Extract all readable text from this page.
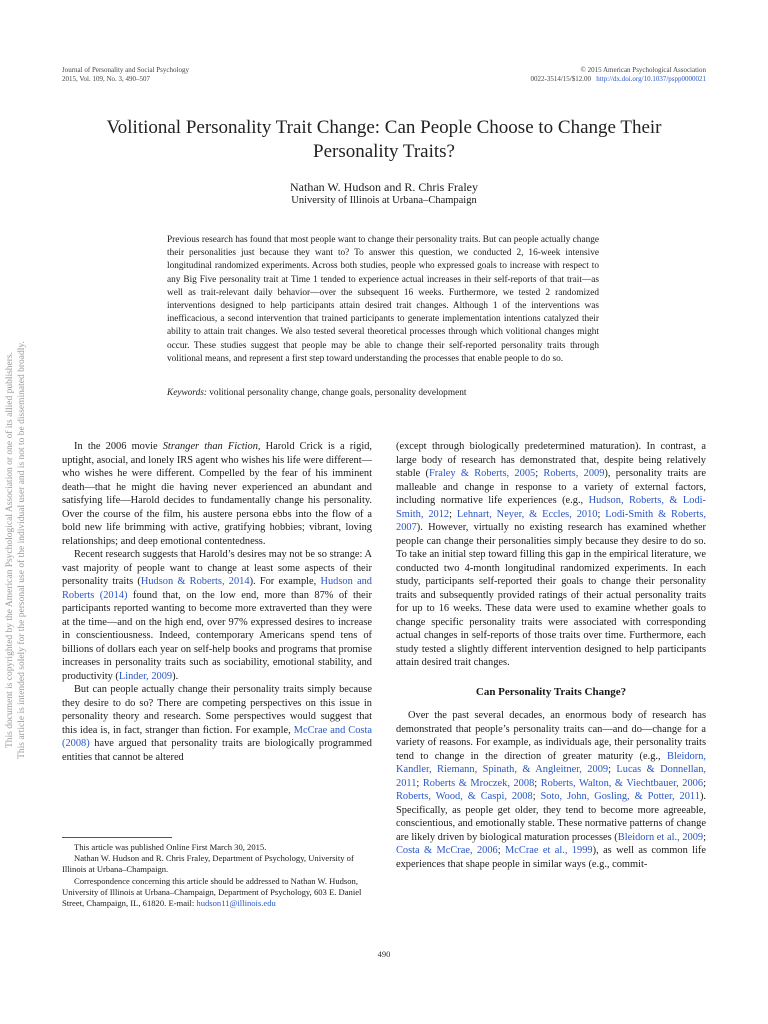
Journal of Personality and Social Psychology
2015, Vol. 109, No. 3, 490–507
© 2015 American Psychological Association
0022-3514/15/$12.00 http://dx.doi.org/10.1037/pspp0000021
This document is copyrighted by the American Psychological Association or one of its allied publishers. This article is intended solely for the personal use of the individual user and is not to be disseminated broadly.
Volitional Personality Trait Change: Can People Choose to Change Their Personality Traits?
Nathan W. Hudson and R. Chris Fraley
University of Illinois at Urbana–Champaign

Previous research has found that most people want to change their personality traits. But can people actually change their personalities just because they want to? To answer this question, we conducted 2, 16-week intensive longitudinal randomized experiments. Across both studies, people who expressed goals to increase with respect to any Big Five personality trait at Time 1 tended to experience actual increases in their self-reports of that trait—as well as trait-relevant daily behavior—over the subsequent 16 weeks. Furthermore, we tested 2 randomized interventions designed to help participants attain desired trait changes. Although 1 of the interventions was inefficacious, a second intervention that trained participants to generate implementation intentions catalyzed their ability to attain trait changes. We also tested several theoretical processes through which volitional changes might occur. These studies suggest that people may be able to change their self-reported personality traits through volitional means, and represent a first step toward understanding the processes that enable people to do so.

Keywords: volitional personality change, change goals, personality development

In the 2006 movie Stranger than Fiction, Harold Crick is a rigid, uptight, asocial, and lonely IRS agent who wishes his life were different—who wishes he were different. Compelled by the fear of his imminent death—that he might die having never experienced an abundant and satisfying life—Harold decides to fundamentally change his personality. Over the course of the film, his austere persona ebbs into the flow of a bold new life brimming with active, gratifying hobbies; vibrant, loving relationships; and deep emotional contentedness.

Recent research suggests that Harold’s desires may not be so strange: A vast majority of people want to change at least some aspects of their personality traits (Hudson & Roberts, 2014). For example, Hudson and Roberts (2014) found that, on the low end, more than 87% of their participants reported wanting to become more extraverted than they were at the time—and on the high end, over 97% expressed desires to increase in conscientiousness. Indeed, contemporary Americans spend tens of billions of dollars each year on self-help books and programs that promise increases in personality traits such as sociability, emotional stability, and productivity (Linder, 2009).

But can people actually change their personality traits simply because they desire to do so? There are competing perspectives on this issue in personality theory and research. Some perspectives would suggest that this idea is, in fact, stranger than fiction. For example, McCrae and Costa (2008) have argued that personality traits are biologically programmed entities that cannot be altered

(except through biologically predetermined maturation). In contrast, a large body of research has demonstrated that, despite being relatively stable (Fraley & Roberts, 2005; Roberts, 2009), personality traits are malleable and change in response to a variety of external factors, including normative life experiences (e.g., Hudson, Roberts, & Lodi-Smith, 2012; Lehnart, Neyer, & Eccles, 2010; Lodi-Smith & Roberts, 2007). However, virtually no existing research has examined whether people can change their personalities simply because they desire to do so. To take an initial step toward filling this gap in the empirical literature, we conducted two 4-month longitudinal randomized experiments. In each study, participants self-reported their goals to change their personality traits and subsequently provided ratings of their actual personality traits for up to 16 weeks. These data were used to examine whether goals to change specific personality traits were associated with corresponding actual changes in self-reports of those traits over time. Furthermore, each study tested a slightly different intervention designed to help participants attain desired trait changes.

Can Personality Traits Change?

Over the past several decades, an enormous body of research has demonstrated that people’s personality traits can—and do—change for a variety of reasons. For example, as individuals age, their personality traits tend to change in the direction of greater maturity (e.g., Bleidorn, Kandler, Riemann, Spinath, & Angleitner, 2009; Lucas & Donnellan, 2011; Roberts & Mroczek, 2008; Roberts, Walton, & Viechtbauer, 2006; Roberts, Wood, & Caspi, 2008; Soto, John, Gosling, & Potter, 2011). Specifically, as people get older, they tend to become more agreeable, conscientious, and emotionally stable. These normative patterns of change are likely driven by biological maturation processes (Bleidorn et al., 2009; Costa & McCrae, 2006; McCrae et al., 1999), as well as common life experiences that shape people in similar ways (e.g., commit-

This article was published Online First March 30, 2015.

Nathan W. Hudson and R. Chris Fraley, Department of Psychology, University of Illinois at Urbana–Champaign.

Correspondence concerning this article should be addressed to Nathan W. Hudson, University of Illinois at Urbana–Champaign, Department of Psychology, 603 E. Daniel Street, Champaign, IL, 61820. E-mail: hudson11@illinois.edu

490
